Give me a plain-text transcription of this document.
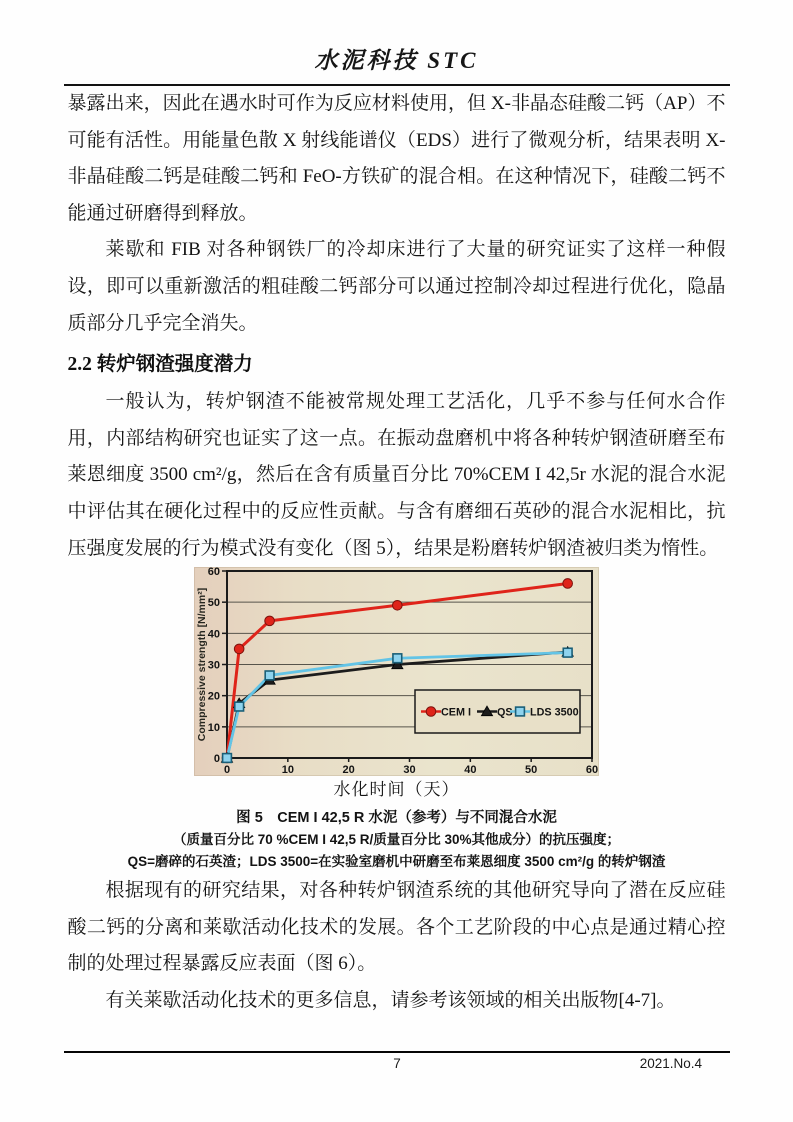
水泥科技 STC

暴露出来，因此在遇水时可作为反应材料使用，但 X-非晶态硅酸二钙（AP）不可能有活性。用能量色散 X 射线能谱仪（EDS）进行了微观分析，结果表明 X-非晶硅酸二钙是硅酸二钙和 FeO-方铁矿的混合相。在这种情况下，硅酸二钙不能通过研磨得到释放。

莱歇和 FIB 对各种钢铁厂的冷却床进行了大量的研究证实了这样一种假设，即可以重新激活的粗硅酸二钙部分可以通过控制冷却过程进行优化，隐晶质部分几乎完全消失。

2.2 转炉钢渣强度潜力

一般认为，转炉钢渣不能被常规处理工艺活化，几乎不参与任何水合作用，内部结构研究也证实了这一点。在振动盘磨机中将各种转炉钢渣研磨至布莱恩细度 3500 cm²/g，然后在含有质量百分比 70%CEM I 42,5r 水泥的混合水泥中评估其在硬化过程中的反应性贡献。与含有磨细石英砂的混合水泥相比，抗压强度发展的行为模式没有变化（图 5），结果是粉磨转炉钢渣被归类为惰性。

0	10	20	30	40	50	60
0
10
20
30
40
50
60
Compressive strength [N/mm²]	CEM I QS LDS 3500
水化时间（天）
图 5　CEM I 42,5 R 水泥（参考）与不同混合水泥
（质量百分比 70 %CEM I 42,5 R/质量百分比 30%其他成分）的抗压强度；
QS=磨碎的石英渣；LDS 3500=在实验室磨机中研磨至布莱恩细度 3500 cm²/g 的转炉钢渣

根据现有的研究结果，对各种转炉钢渣系统的其他研究导向了潜在反应硅酸二钙的分离和莱歇活动化技术的发展。各个工艺阶段的中心点是通过精心控制的处理过程暴露反应表面（图 6）。

有关莱歇活动化技术的更多信息，请参考该领域的相关出版物[4-7]。

7	2021.No.4
